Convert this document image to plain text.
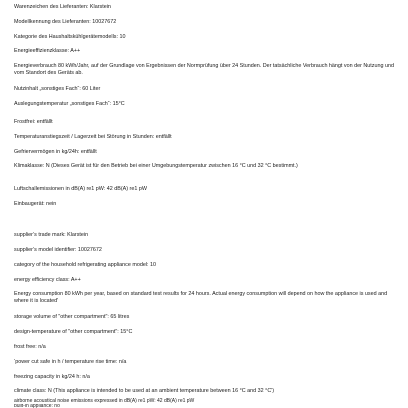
Warenzeichen des Lieferanten: Klarstein
Modellkennung des Lieferanten: 10027672
Kategorie des Haushaltskühlgerätemodells: 10
Energieeffizienzklasse: A++
Energieverbrauch 80 kWh/Jahr, auf der Grundlage von Ergebnissen der Normprüfung über 24 Stunden. Der tatsächliche Verbrauch hängt von der Nutzung und vom Standort des Geräts ab.
Nutzinhalt „sonstiges Fach“: 60 Liter
Auslegungstemperatur „sonstiges Fach“: 15°C
Frostfrei: entfällt
Temperaturanstiegszeit / Lagerzeit bei Störung in Stunden: entfällt
Gefriervermögen in kg/24h: entfällt
Klimaklasse: N (Dieses Gerät ist für den Betrieb bei einer Umgebungstemperatur zwischen 16 °C und 32 °C bestimmt.)
Luftschallemissionen in dB(A) re1 pW: 42 dB(A) re1 pW
Einbaugerät: nein
supplier’s trade mark: Klarstein
supplier’s model identifier: 10027672
category of the household refrigerating appliance model: 10
energy efficiency class: A++
Energy consumption 80 kWh per year, based on standard test results for 24 hours. Actual energy consumption will depend on how the appliance is used and where it is located'
storage volume of "other compartment": 65 litres
design-temperature of "other compartment": 15°C
frost free: n/a
‘power cut safe in h / temperature rise time: n/a
freezing capacity in kg/24 h: n/a
climate class: N (This appliance is intended to be used at an ambient temperature between 16 °C and 32 °C')
airborne acoustical noise emissions expressed in dB(A) re1 pW: 42 dB(A) re1 pW
built-in appliance: no
